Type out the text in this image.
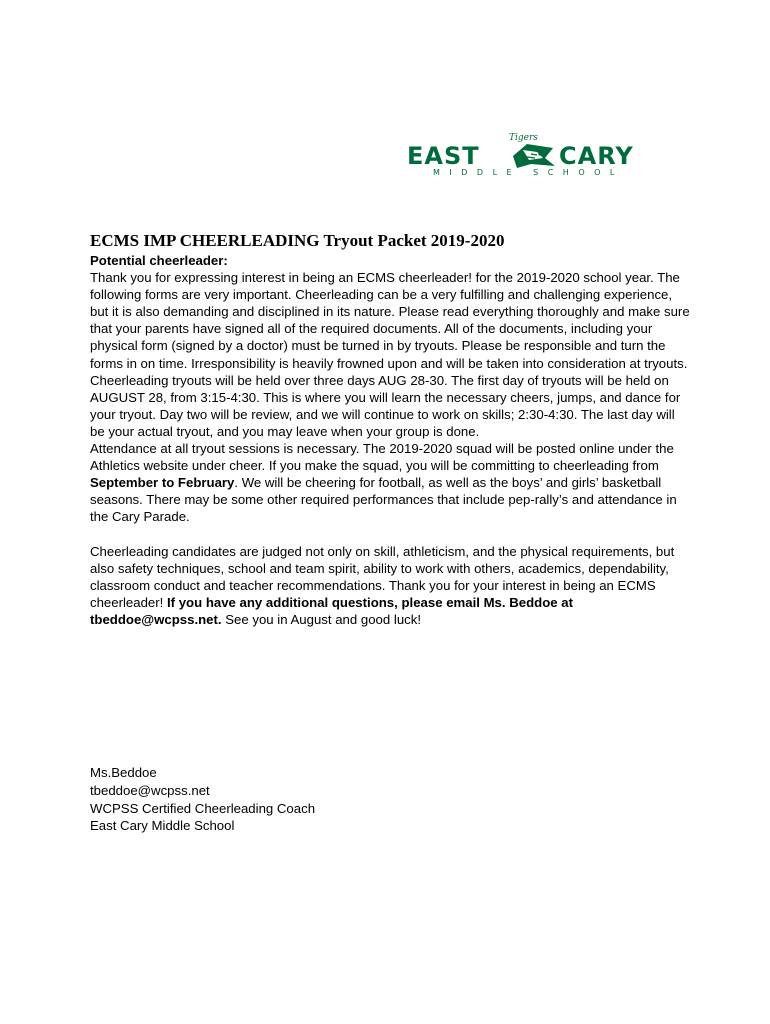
Tigers
EAST	CARY
MIDDLE SCHOOL
ECMS IMP CHEERLEADING Tryout Packet 2019-2020

Potential cheerleader:

Thank you for expressing interest in being an ECMS cheerleader! for the 2019-2020 school year. The following forms are very important. Cheerleading can be a very fulfilling and challenging experience, but it is also demanding and disciplined in its nature. Please read everything thoroughly and make sure that your parents have signed all of the required documents. All of the documents, including your physical form (signed by a doctor) must be turned in by tryouts. Please be responsible and turn the forms in on time. Irresponsibility is heavily frowned upon and will be taken into consideration at tryouts.

Cheerleading tryouts will be held over three days AUG 28-30. The first day of tryouts will be held on AUGUST 28, from 3:15-4:30. This is where you will learn the necessary cheers, jumps, and dance for your tryout. Day two will be review, and we will continue to work on skills; 2:30-4:30. The last day will be your actual tryout, and you may leave when your group is done.

Attendance at all tryout sessions is necessary. The 2019-2020 squad will be posted online under the Athletics website under cheer. If you make the squad, you will be committing to cheerleading from September to February. We will be cheering for football, as well as the boys’ and girls’ basketball seasons. There may be some other required performances that include pep-rally’s and attendance in the Cary Parade.

Cheerleading candidates are judged not only on skill, athleticism, and the physical requirements, but also safety techniques, school and team spirit, ability to work with others, academics, dependability, classroom conduct and teacher recommendations. Thank you for your interest in being an ECMS cheerleader! If you have any additional questions, please email Ms. Beddoe at tbeddoe@wcpss.net. See you in August and good luck!

Ms.Beddoe
tbeddoe@wcpss.net
WCPSS Certified Cheerleading Coach
East Cary Middle School
